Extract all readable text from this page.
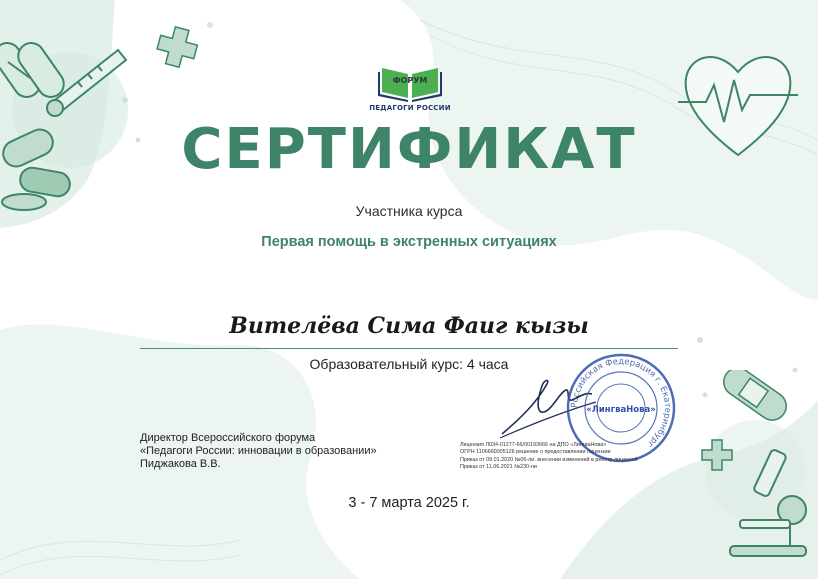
ФОРУМ
ПЕДАГОГИ РОССИИ
СЕРТИФИКАТ
Участника курса
Первая помощь в экстренных ситуациях
Вителёва Сима Фаиг кызы
Образовательный курс: 4 часа
Российская Федерация г. Екатеринбург
«ЛингваНова»
Директор Всероссийского форума
«Педагоги России: инновации в образовании»
Пиджакова В.В.
Лицензия Л034-01277-66/00193666 на ДПО «ЛингваНова»
ОГРН 1106660005126 решение о предоставлении лицензии
Приказ от 09.01.2020 №06-ли. внесении изменений в реестр лицензий
Приказ от 11.06.2021 №230-ли
3 - 7 марта 2025 г.
